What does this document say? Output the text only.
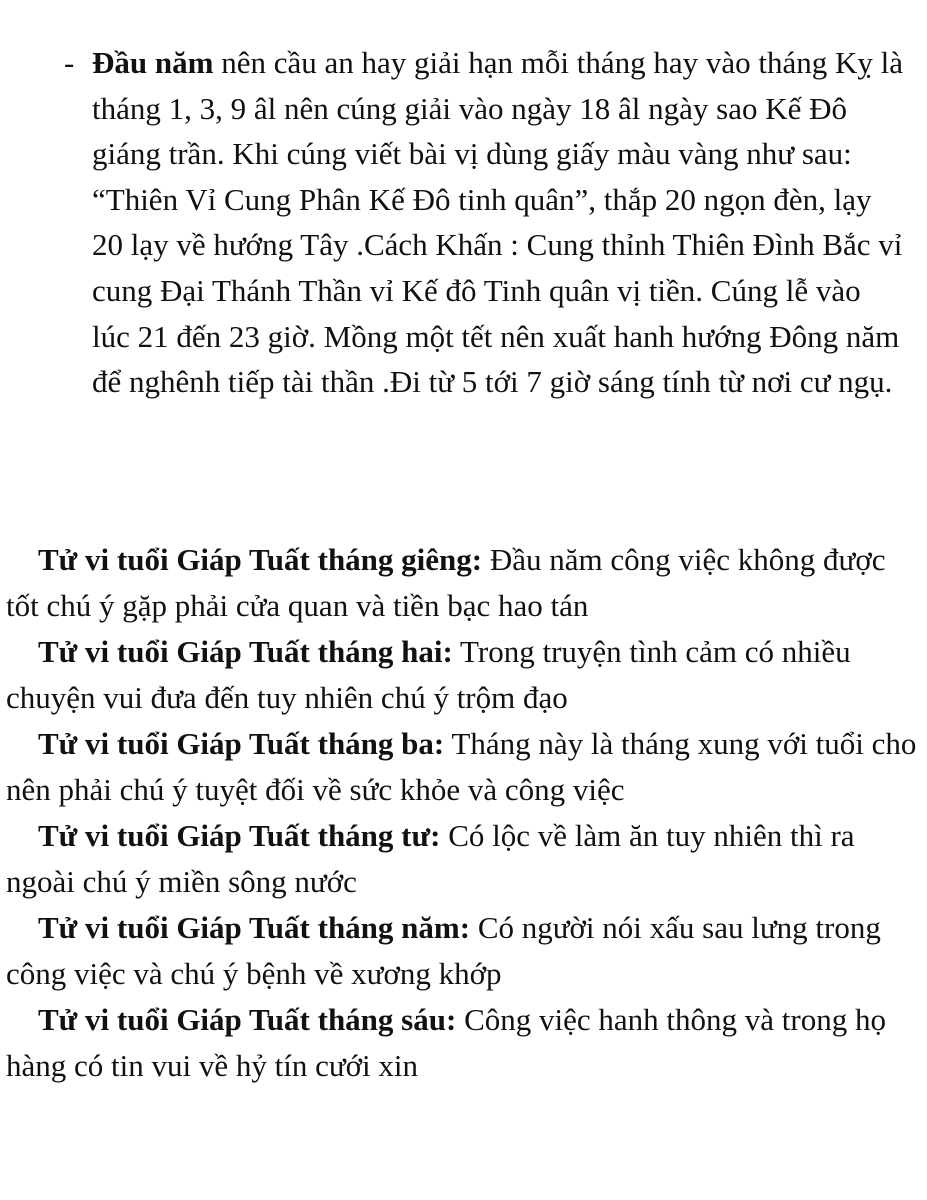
- Đầu năm nên cầu an hay giải hạn mỗi tháng hay vào tháng Kỵ là tháng 1, 3, 9 âl nên cúng giải vào ngày 18 âl ngày sao Kế Đô giáng trần. Khi cúng viết bài vị dùng giấy màu vàng như sau: “Thiên Vỉ Cung Phân Kế Đô tinh quân”, thắp 20 ngọn đèn, lạy 20 lạy về hướng Tây .Cách Khấn : Cung thỉnh Thiên Đình Bắc vỉ cung Đại Thánh Thần vỉ Kế đô Tinh quân vị tiền. Cúng lễ vào lúc 21 đến 23 giờ. Mồng một tết nên xuất hanh hướng Đông năm để nghênh tiếp tài thần .Đi từ 5 tới 7 giờ sáng tính từ nơi cư ngụ.

Tử vi tuổi Giáp Tuất tháng giêng: Đầu năm công việc không được tốt chú ý gặp phải cửa quan và tiền bạc hao tán

Tử vi tuổi Giáp Tuất tháng hai: Trong truyện tình cảm có nhiều chuyện vui đưa đến tuy nhiên chú ý trộm đạo

Tử vi tuổi Giáp Tuất tháng ba: Tháng này là tháng xung với tuổi cho nên phải chú ý tuyệt đối về sức khỏe và công việc

Tử vi tuổi Giáp Tuất tháng tư: Có lộc về làm ăn tuy nhiên thì ra ngoài chú ý miền sông nước

Tử vi tuổi Giáp Tuất tháng năm: Có người nói xấu sau lưng trong công việc và chú ý bệnh về xương khớp

Tử vi tuổi Giáp Tuất tháng sáu: Công việc hanh thông và trong họ hàng có tin vui về hỷ tín cưới xin
